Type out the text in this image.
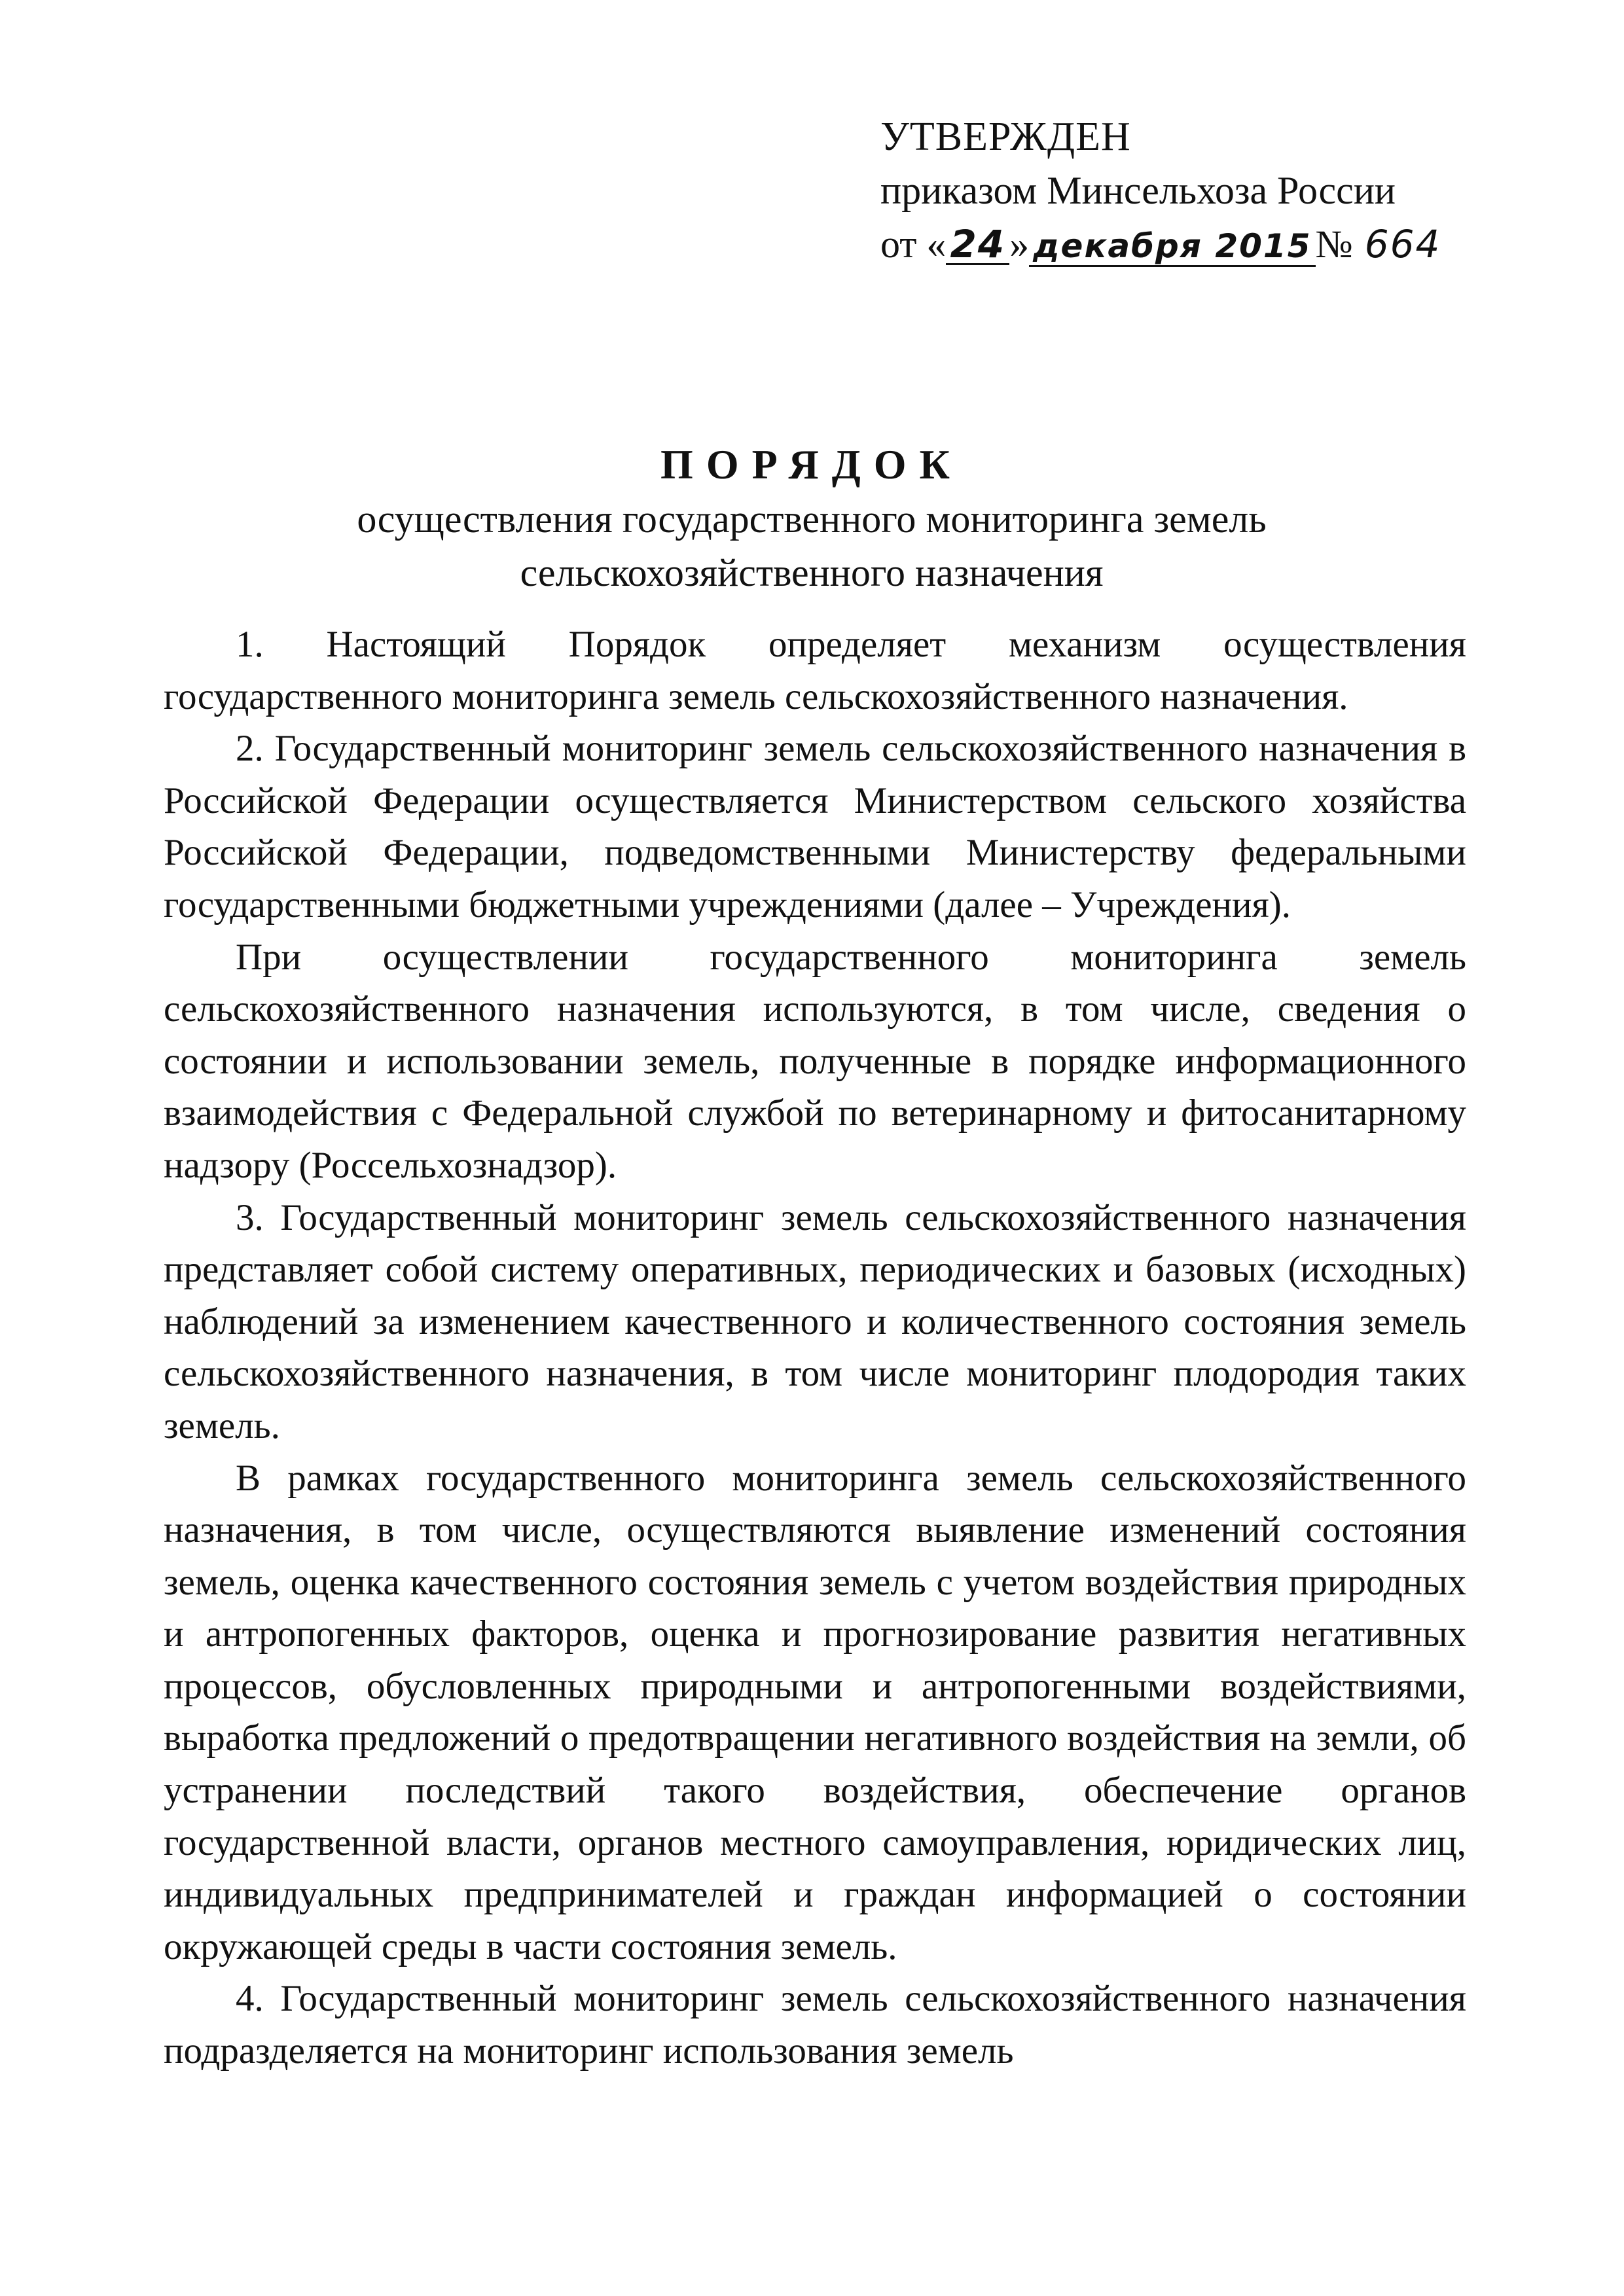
УТВЕРЖДЕН
приказом Минсельхоза России
от « 24 » декабря 2015 № 664
ПОРЯДОК
осуществления государственного мониторинга земель
сельскохозяйственного назначения

1. Настоящий Порядок определяет механизм осуществления государственного мониторинга земель сельскохозяйственного назначения.

2. Государственный мониторинг земель сельскохозяйственного назначения в Российской Федерации осуществляется Министерством сельского хозяйства Российской Федерации, подведомственными Министерству федеральными государственными бюджетными учреждениями (далее – Учреждения).

При осуществлении государственного мониторинга земель сельскохозяйственного назначения используются, в том числе, сведения о состоянии и использовании земель, полученные в порядке информационного взаимодействия с Федеральной службой по ветеринарному и фитосанитарному надзору (Россельхознадзор).

3. Государственный мониторинг земель сельскохозяйственного назначения представляет собой систему оперативных, периодических и базовых (исходных) наблюдений за изменением качественного и количественного состояния земель сельскохозяйственного назначения, в том числе мониторинг плодородия таких земель.

В рамках государственного мониторинга земель сельскохозяйственного назначения, в том числе, осуществляются выявление изменений состояния земель, оценка качественного состояния земель с учетом воздействия природных и антропогенных факторов, оценка и прогнозирование развития негативных процессов, обусловленных природными и антропогенными воздействиями, выработка предложений о предотвращении негативного воздействия на земли, об устранении последствий такого воздействия, обеспечение органов государственной власти, органов местного самоуправления, юридических лиц, индивидуальных предпринимателей и граждан информацией о состоянии окружающей среды в части состояния земель.

4. Государственный мониторинг земель сельскохозяйственного назначения подразделяется на мониторинг использования земель
